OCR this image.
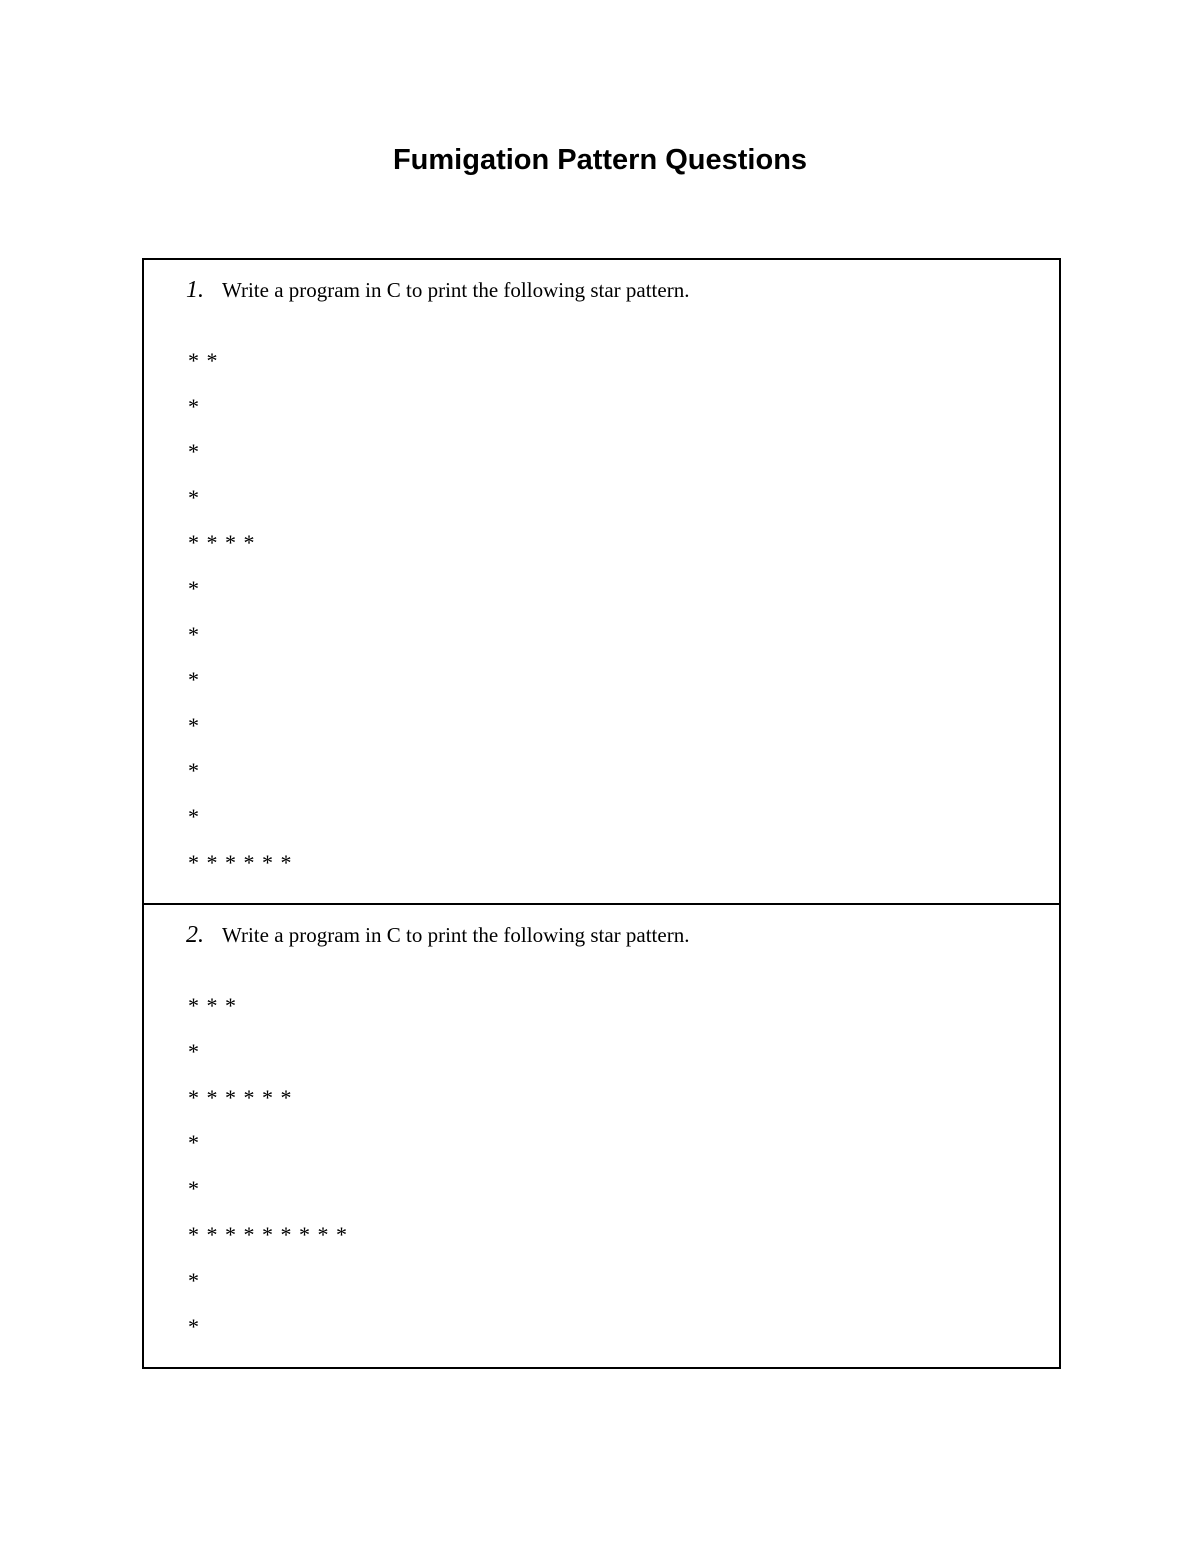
Fumigation Pattern Questions
1. Write a program in C to print the following star pattern.
* *
*
*
*
* * * *
*
*
*
*
*
*
* * * * * *
2. Write a program in C to print the following star pattern.
* * *
*
* * * * * *
*
*
* * * * * * * * *
*
*
